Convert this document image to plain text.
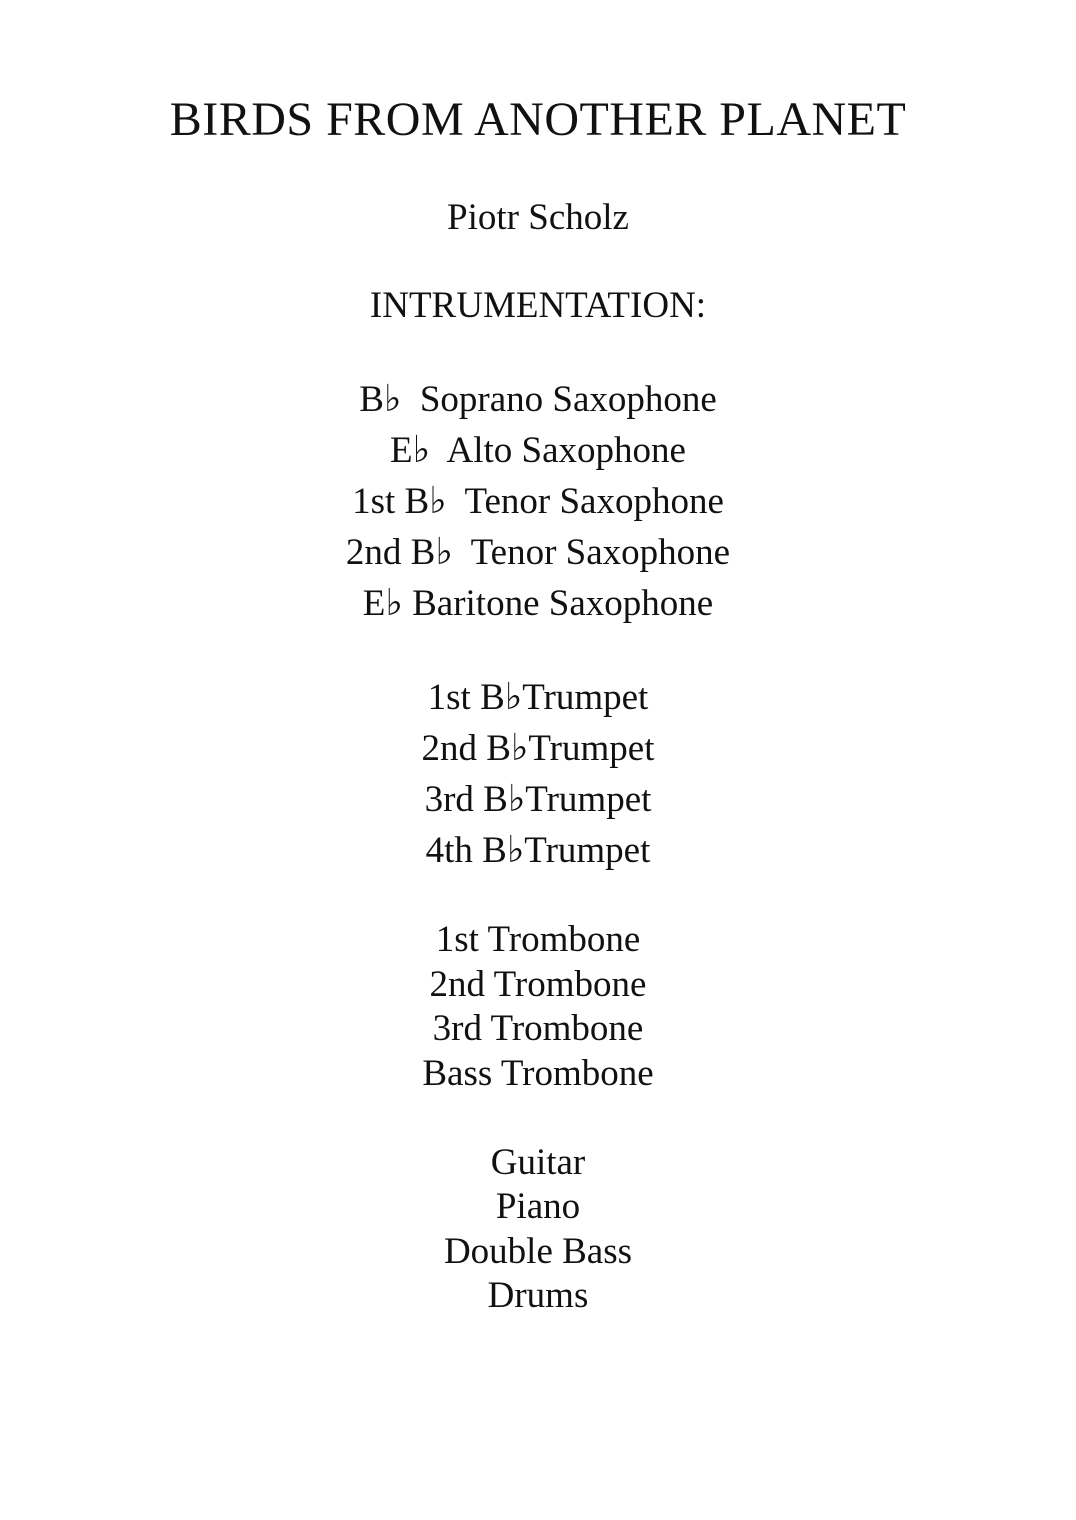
BIRDS FROM ANOTHER PLANET
Piotr Scholz
INTRUMENTATION:
B♭  Soprano Saxophone
E♭  Alto Saxophone
1st B♭  Tenor Saxophone
2nd B♭  Tenor Saxophone
E♭ Baritone Saxophone
1st B♭Trumpet
2nd B♭Trumpet
3rd B♭Trumpet
4th B♭Trumpet
1st Trombone
2nd Trombone
3rd Trombone
Bass Trombone
Guitar
Piano
Double Bass
Drums
